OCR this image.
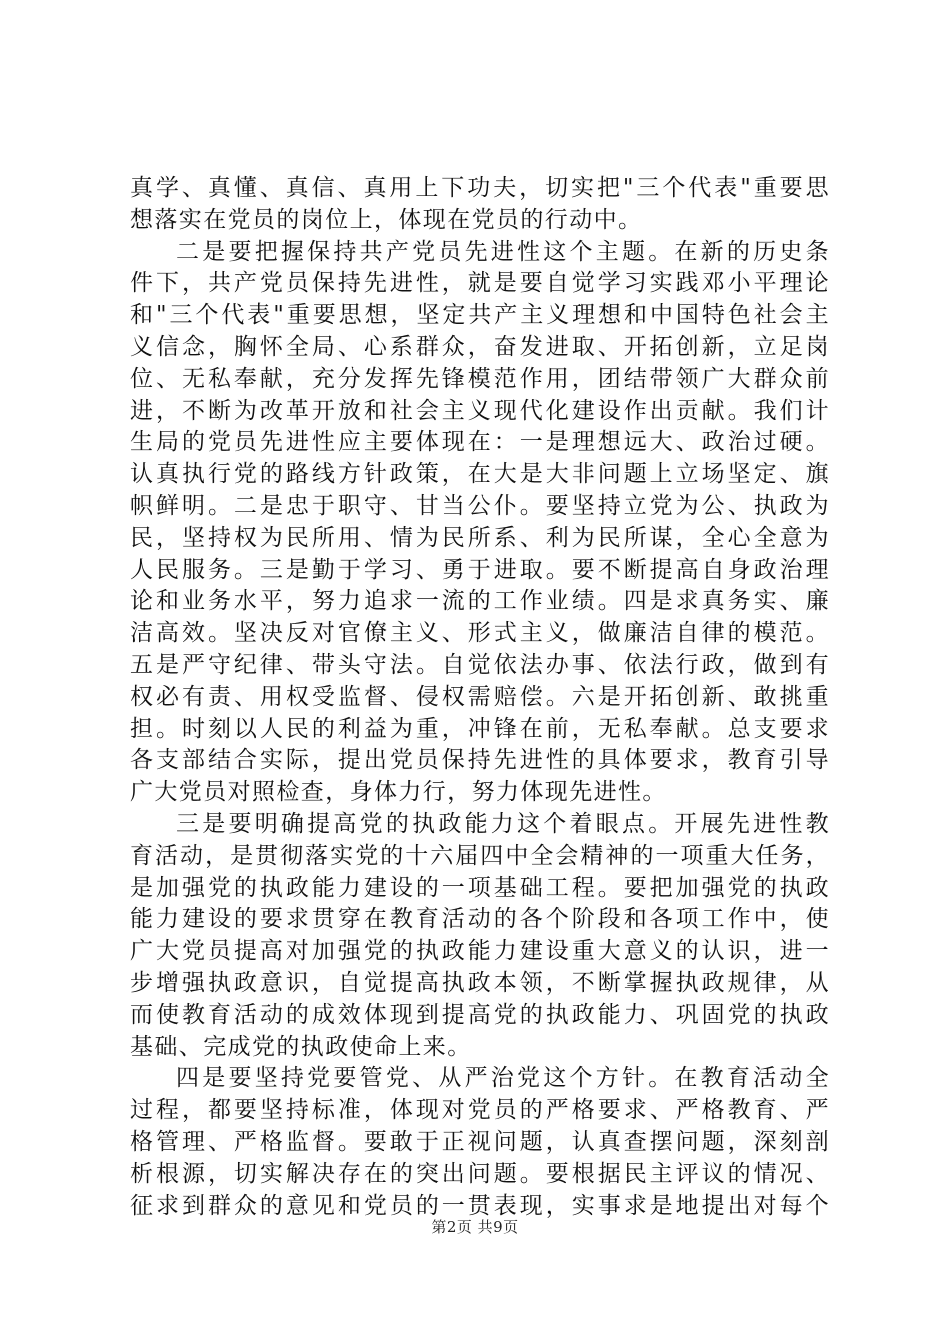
真学、真懂、真信、真用上下功夫，切实把"三个代表"重要思
想落实在党员的岗位上，体现在党员的行动中。
二是要把握保持共产党员先进性这个主题。在新的历史条
件下，共产党员保持先进性，就是要自觉学习实践邓小平理论
和"三个代表"重要思想，坚定共产主义理想和中国特色社会主
义信念，胸怀全局、心系群众，奋发进取、开拓创新，立足岗
位、无私奉献，充分发挥先锋模范作用，团结带领广大群众前
进，不断为改革开放和社会主义现代化建设作出贡献。我们计
生局的党员先进性应主要体现在：一是理想远大、政治过硬。
认真执行党的路线方针政策，在大是大非问题上立场坚定、旗
帜鲜明。二是忠于职守、甘当公仆。要坚持立党为公、执政为
民，坚持权为民所用、情为民所系、利为民所谋，全心全意为
人民服务。三是勤于学习、勇于进取。要不断提高自身政治理
论和业务水平，努力追求一流的工作业绩。四是求真务实、廉
洁高效。坚决反对官僚主义、形式主义，做廉洁自律的模范。
五是严守纪律、带头守法。自觉依法办事、依法行政，做到有
权必有责、用权受监督、侵权需赔偿。六是开拓创新、敢挑重
担。时刻以人民的利益为重，冲锋在前，无私奉献。总支要求
各支部结合实际，提出党员保持先进性的具体要求，教育引导
广大党员对照检查，身体力行，努力体现先进性。
三是要明确提高党的执政能力这个着眼点。开展先进性教
育活动，是贯彻落实党的十六届四中全会精神的一项重大任务，
是加强党的执政能力建设的一项基础工程。要把加强党的执政
能力建设的要求贯穿在教育活动的各个阶段和各项工作中，使
广大党员提高对加强党的执政能力建设重大意义的认识，进一
步增强执政意识，自觉提高执政本领，不断掌握执政规律，从
而使教育活动的成效体现到提高党的执政能力、巩固党的执政
基础、完成党的执政使命上来。
四是要坚持党要管党、从严治党这个方针。在教育活动全
过程，都要坚持标准，体现对党员的严格要求、严格教育、严
格管理、严格监督。要敢于正视问题，认真查摆问题，深刻剖
析根源，切实解决存在的突出问题。要根据民主评议的情况、
征求到群众的意见和党员的一贯表现，实事求是地提出对每个
第2页 共9页
